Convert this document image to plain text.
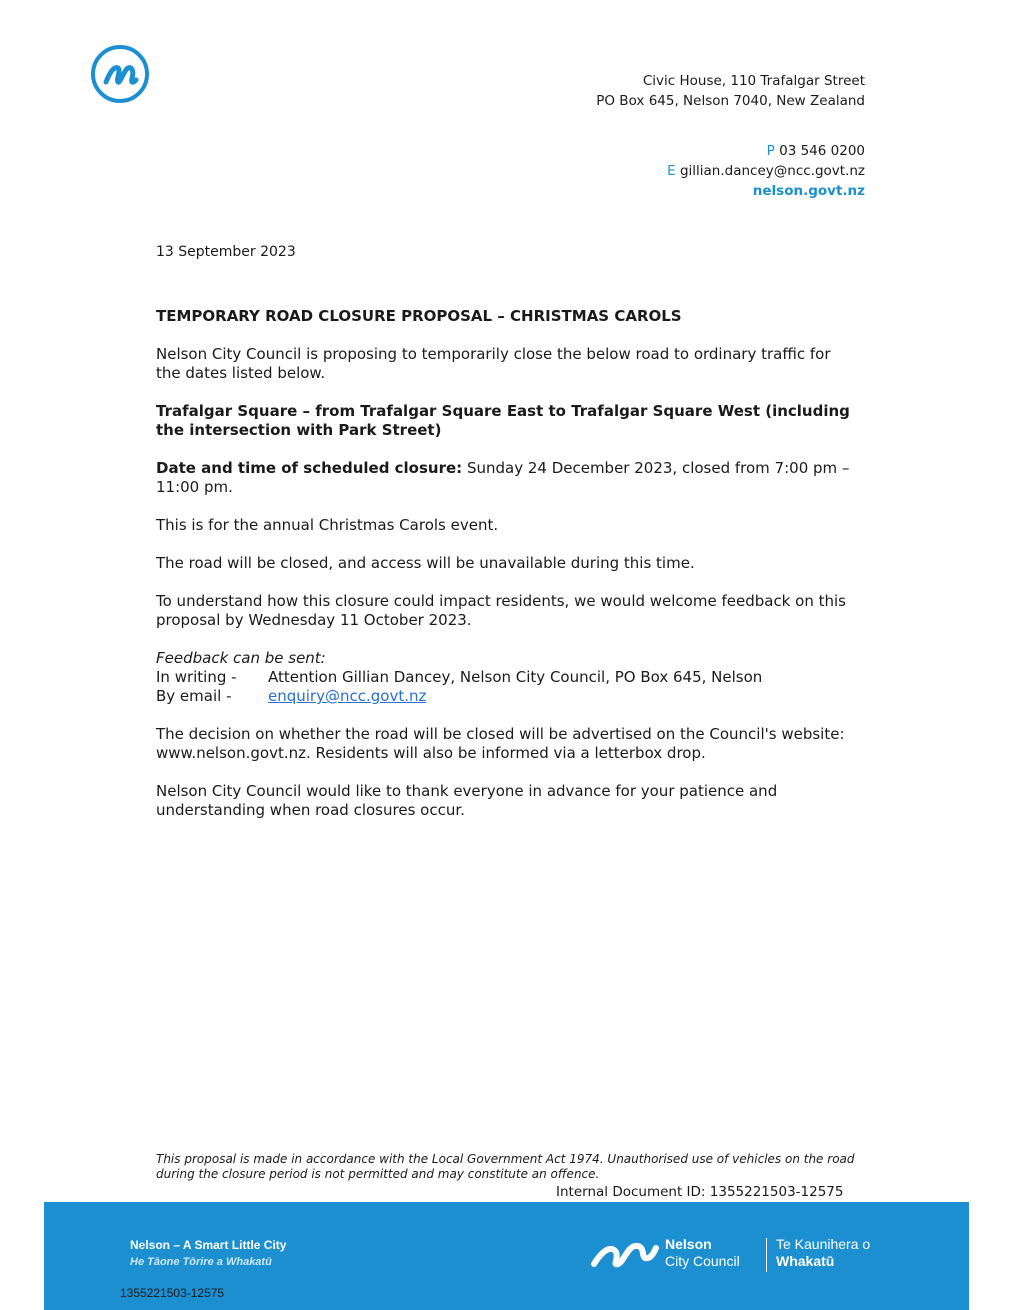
Civic House, 110 Trafalgar Street
PO Box 645, Nelson 7040, New Zealand
P 03 546 0200
E gillian.dancey@ncc.govt.nz
nelson.govt.nz
13 September 2023
TEMPORARY ROAD CLOSURE PROPOSAL – CHRISTMAS CAROLS

Nelson City Council is proposing to temporarily close the below road to ordinary traffic for the dates listed below.

Trafalgar Square – from Trafalgar Square East to Trafalgar Square West (including the intersection with Park Street)

Date and time of scheduled closure: Sunday 24 December 2023, closed from 7:00 pm – 11:00 pm.

This is for the annual Christmas Carols event.

The road will be closed, and access will be unavailable during this time.

To understand how this closure could impact residents, we would welcome feedback on this proposal by Wednesday 11 October 2023.

Feedback can be sent:

In writing -	Attention Gillian Dancey, Nelson City Council, PO Box 645, Nelson
By email -	enquiry@ncc.govt.nz

The decision on whether the road will be closed will be advertised on the Council's website: www.nelson.govt.nz. Residents will also be informed via a letterbox drop.

Nelson City Council would like to thank everyone in advance for your patience and understanding when road closures occur.

This proposal is made in accordance with the Local Government Act 1974. Unauthorised use of vehicles on the road during the closure period is not permitted and may constitute an offence.
Internal Document ID: 1355221503-12575
Nelson – A Smart Little City
He Tāone Tōrire a Whakatū
Nelson
City Council
Te Kaunihera o
Whakatū
1355221503-12575
